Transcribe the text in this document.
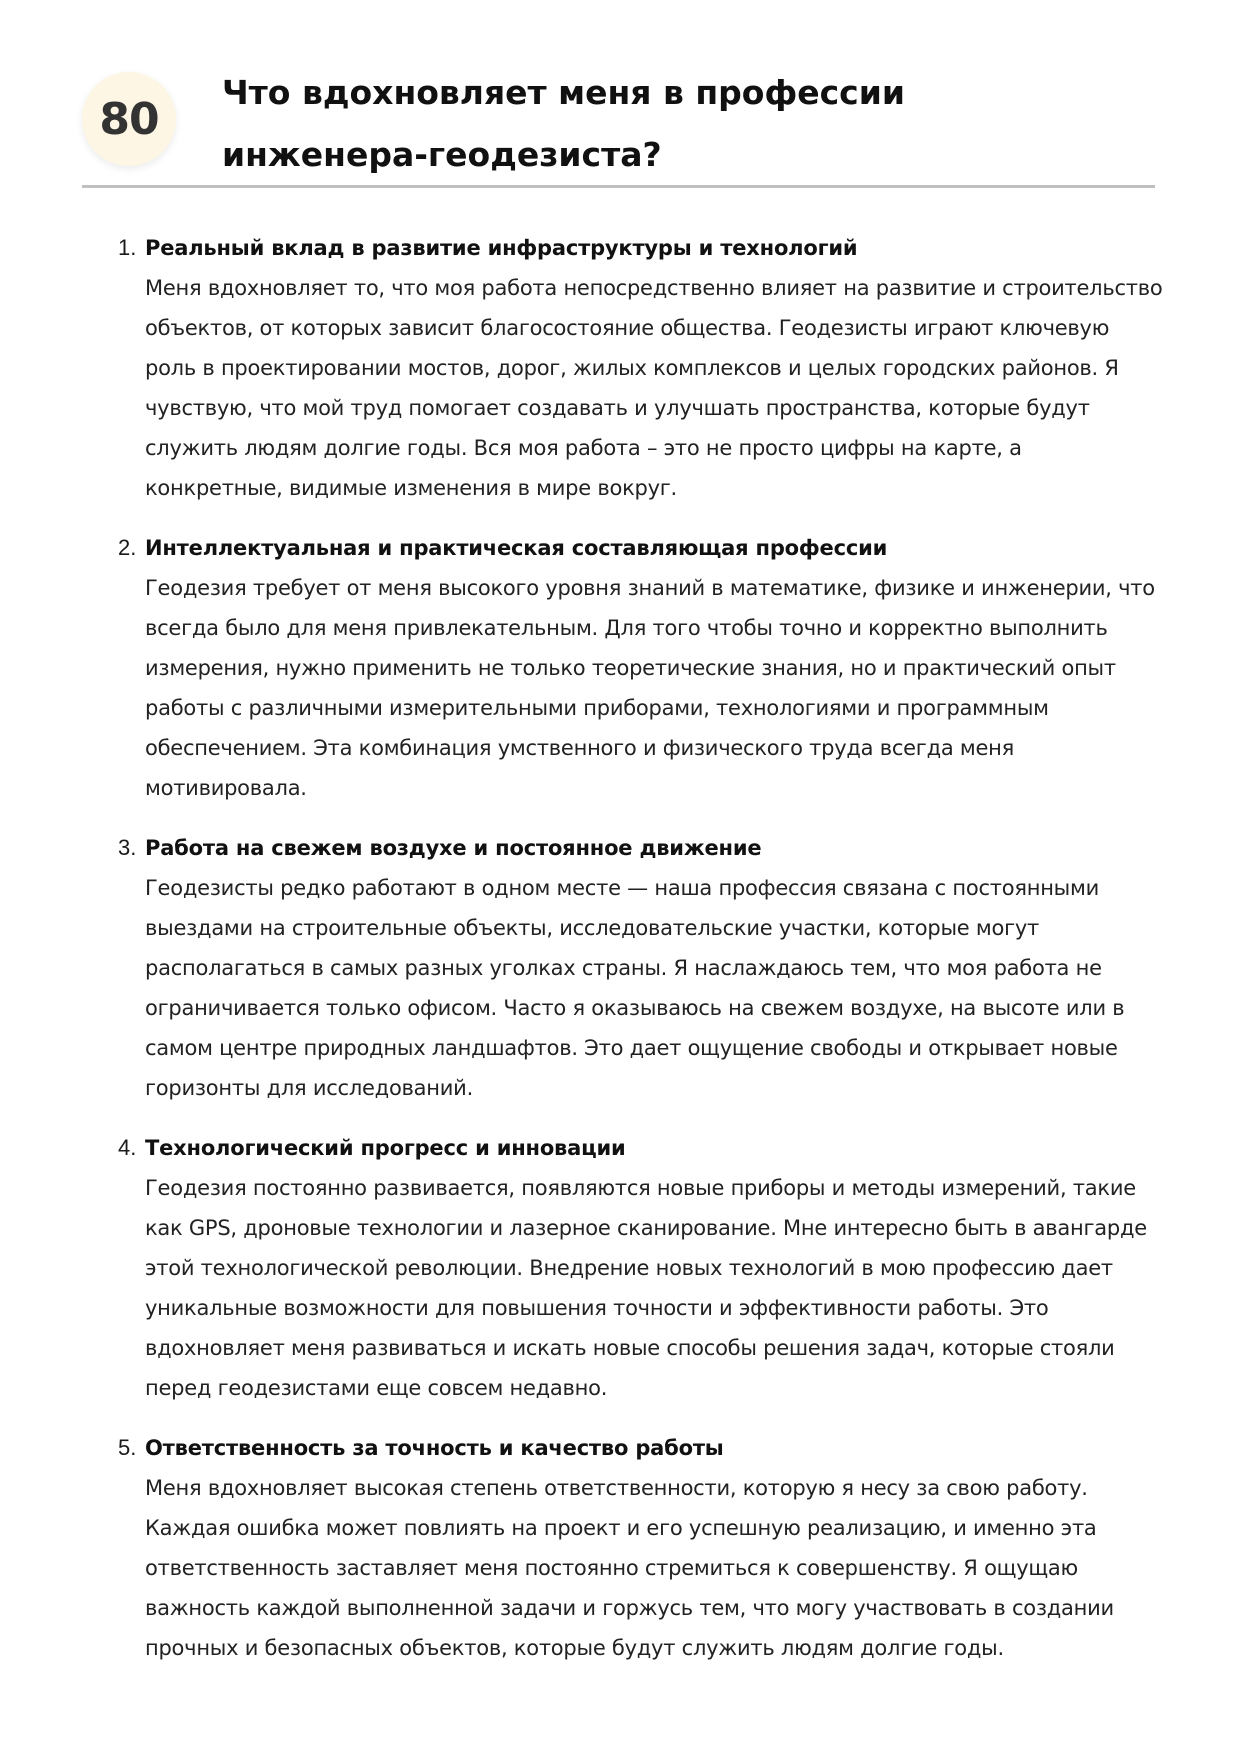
80
Что вдохновляет меня в профессии инженера-геодезиста?
1. Реальный вклад в развитие инфраструктуры и технологий

Меня вдохновляет то, что моя работа непосредственно влияет на развитие и строительство объектов, от которых зависит благосостояние общества. Геодезисты играют ключевую роль в проектировании мостов, дорог, жилых комплексов и целых городских районов. Я чувствую, что мой труд помогает создавать и улучшать пространства, которые будут служить людям долгие годы. Вся моя работа – это не просто цифры на карте, а конкретные, видимые изменения в мире вокруг.

2. Интеллектуальная и практическая составляющая профессии

Геодезия требует от меня высокого уровня знаний в математике, физике и инженерии, что всегда было для меня привлекательным. Для того чтобы точно и корректно выполнить измерения, нужно применить не только теоретические знания, но и практический опыт работы с различными измерительными приборами, технологиями и программным обеспечением. Эта комбинация умственного и физического труда всегда меня мотивировала.

3. Работа на свежем воздухе и постоянное движение

Геодезисты редко работают в одном месте — наша профессия связана с постоянными выездами на строительные объекты, исследовательские участки, которые могут располагаться в самых разных уголках страны. Я наслаждаюсь тем, что моя работа не ограничивается только офисом. Часто я оказываюсь на свежем воздухе, на высоте или в самом центре природных ландшафтов. Это дает ощущение свободы и открывает новые горизонты для исследований.

4. Технологический прогресс и инновации

Геодезия постоянно развивается, появляются новые приборы и методы измерений, такие как GPS, дроновые технологии и лазерное сканирование. Мне интересно быть в авангарде этой технологической революции. Внедрение новых технологий в мою профессию дает уникальные возможности для повышения точности и эффективности работы. Это вдохновляет меня развиваться и искать новые способы решения задач, которые стояли перед геодезистами еще совсем недавно.

5. Ответственность за точность и качество работы

Меня вдохновляет высокая степень ответственности, которую я несу за свою работу. Каждая ошибка может повлиять на проект и его успешную реализацию, и именно эта ответственность заставляет меня постоянно стремиться к совершенству. Я ощущаю важность каждой выполненной задачи и горжусь тем, что могу участвовать в создании прочных и безопасных объектов, которые будут служить людям долгие годы.
